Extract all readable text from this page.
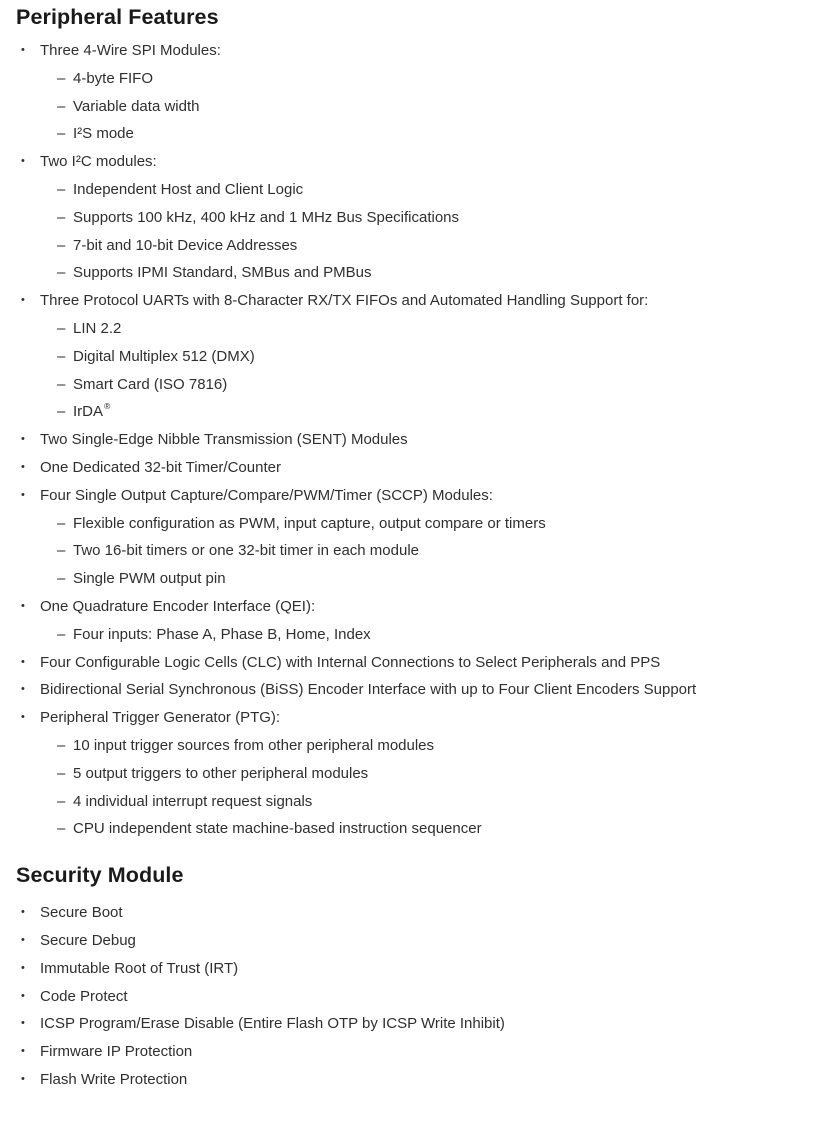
Peripheral Features
•	Three 4-Wire SPI Modules:
– 4-byte FIFO
– Variable data width
– I²S mode
•	Two I²C modules:
– Independent Host and Client Logic
– Supports 100 kHz, 400 kHz and 1 MHz Bus Specifications
– 7-bit and 10-bit Device Addresses
– Supports IPMI Standard, SMBus and PMBus
•	Three Protocol UARTs with 8-Character RX/TX FIFOs and Automated Handling Support for:
– LIN 2.2
– Digital Multiplex 512 (DMX)
– Smart Card (ISO 7816)
– IrDA®
•	Two Single-Edge Nibble Transmission (SENT) Modules
•	One Dedicated 32-bit Timer/Counter
•	Four Single Output Capture/Compare/PWM/Timer (SCCP) Modules:
– Flexible configuration as PWM, input capture, output compare or timers
– Two 16-bit timers or one 32-bit timer in each module
– Single PWM output pin
•	One Quadrature Encoder Interface (QEI):
– Four inputs: Phase A, Phase B, Home, Index
•	Four Configurable Logic Cells (CLC) with Internal Connections to Select Peripherals and PPS
•	Bidirectional Serial Synchronous (BiSS) Encoder Interface with up to Four Client Encoders Support
•	Peripheral Trigger Generator (PTG):
– 10 input trigger sources from other peripheral modules
– 5 output triggers to other peripheral modules
– 4 individual interrupt request signals
– CPU independent state machine-based instruction sequencer
Security Module
•	Secure Boot
•	Secure Debug
•	Immutable Root of Trust (IRT)
•	Code Protect
•	ICSP Program/Erase Disable (Entire Flash OTP by ICSP Write Inhibit)
•	Firmware IP Protection
•	Flash Write Protection
